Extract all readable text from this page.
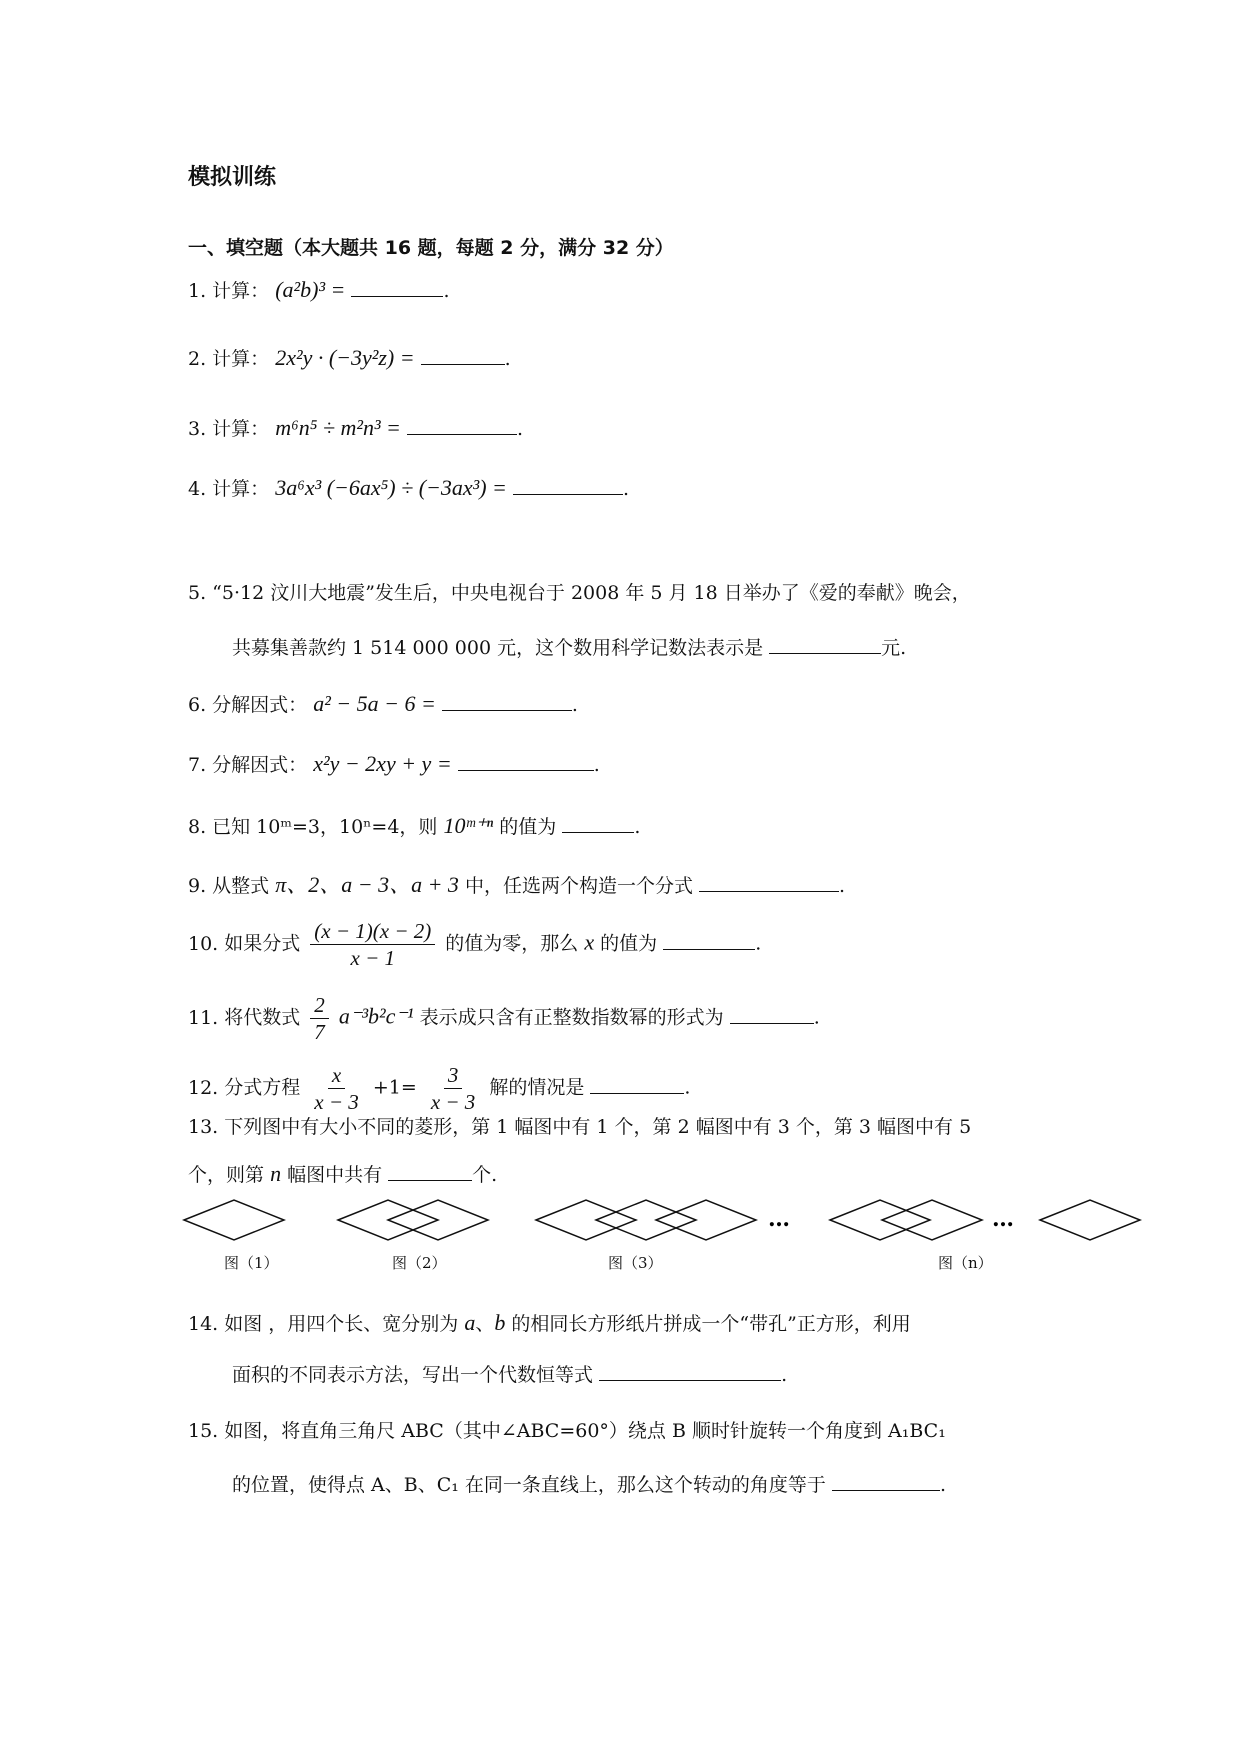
模拟训练
一、填空题（本大题共 16 题，每题 2 分，满分 32 分）
1. 计算： (a²b)³ =	.
2. 计算： 2x²y · (−3y²z) =	.
3. 计算： m⁶n⁵ ÷ m²n³ =	.
4. 计算： 3a⁶x³ (−6ax⁵) ÷ (−3ax³) =	.
5. “5·12 汶川大地震”发生后，中央电视台于 2008 年 5 月 18 日举办了《爱的奉献》晚会，
共募集善款约 1 514 000 000 元，这个数用科学记数法表示是	元.
6. 分解因式： a² − 5a − 6 =	.
7. 分解因式： x²y − 2xy + y =	.
8. 已知 10ᵐ=3，10ⁿ=4，则 10ᵐ⁺ⁿ 的值为	.
9. 从整式 π、2、a − 3、a + 3 中，任选两个构造一个分式	.
10. 如果分式 $\frac{(x - 1)(x - 2)}{x - 1}$ 的值为零，那么 x 的值为	.
11. 将代数式 $\frac{2}{7} a^{-3}b^2c^{-1}$ 表示成只含有正整数指数幂的形式为	.
12. 分式方程 $\frac{x}{x - 3} +1= \frac{3}{x - 3}$ 解的情况是	.
13. 下列图中有大小不同的菱形，第 1 幅图中有 1 个，第 2 幅图中有 3 个，第 3 幅图中有 5
个，则第 n 幅图中共有	个.
…	…
图（1）	图（2）	图（3）	图（n）
14. 如图 ，用四个长、宽分别为 a、b 的相同长方形纸片拼成一个“带孔”正方形，利用
面积的不同表示方法，写出一个代数恒等式	.
15. 如图，将直角三角尺 ABC（其中∠ABC=60°）绕点 B 顺时针旋转一个角度到 A₁BC₁
的位置，使得点 A、B、C₁ 在同一条直线上，那么这个转动的角度等于	.
